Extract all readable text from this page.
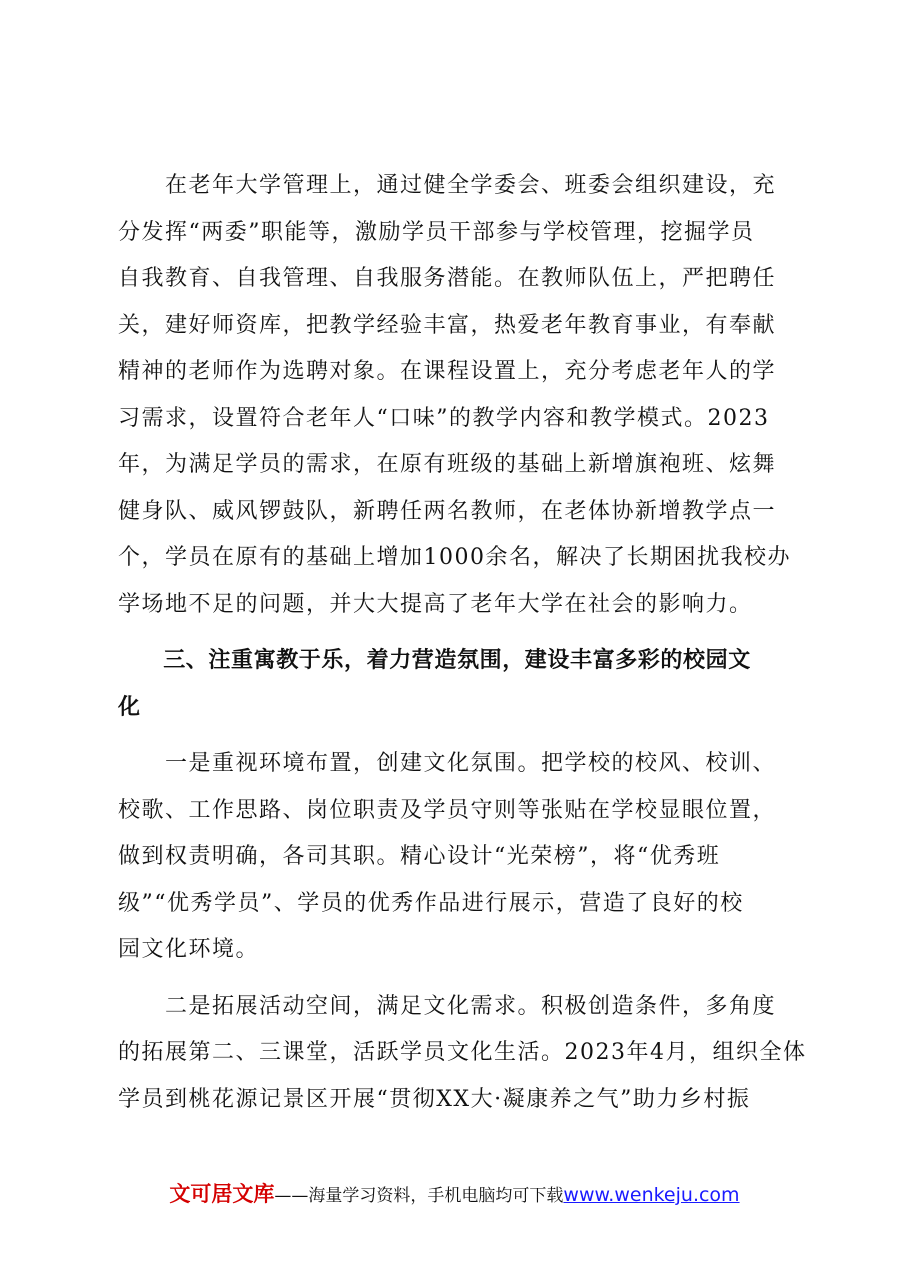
　　在老年大学管理上，通过健全学委会、班委会组织建设，充
分发挥“两委”职能等，激励学员干部参与学校管理，挖掘学员
自我教育、自我管理、自我服务潜能。在教师队伍上，严把聘任
关，建好师资库，把教学经验丰富，热爱老年教育事业，有奉献
精神的老师作为选聘对象。在课程设置上，充分考虑老年人的学
习需求，设置符合老年人“口味”的教学内容和教学模式。2023
年，为满足学员的需求，在原有班级的基础上新增旗袍班、炫舞
健身队、威风锣鼓队，新聘任两名教师，在老体协新增教学点一
个，学员在原有的基础上增加1000余名，解决了长期困扰我校办
学场地不足的问题，并大大提高了老年大学在社会的影响力。
　　三、注重寓教于乐，着力营造氛围，建设丰富多彩的校园文
化
　　一是重视环境布置，创建文化氛围。把学校的校风、校训、
校歌、工作思路、岗位职责及学员守则等张贴在学校显眼位置，
做到权责明确，各司其职。精心设计“光荣榜”，将“优秀班
级”“优秀学员”、学员的优秀作品进行展示，营造了良好的校
园文化环境。
　　二是拓展活动空间，满足文化需求。积极创造条件，多角度
的拓展第二、三课堂，活跃学员文化生活。2023年4月，组织全体
学员到桃花源记景区开展“贯彻XX大·凝康养之气”助力乡村振
文可居文库——海量学习资料，手机电脑均可下载www.wenkeju.com
